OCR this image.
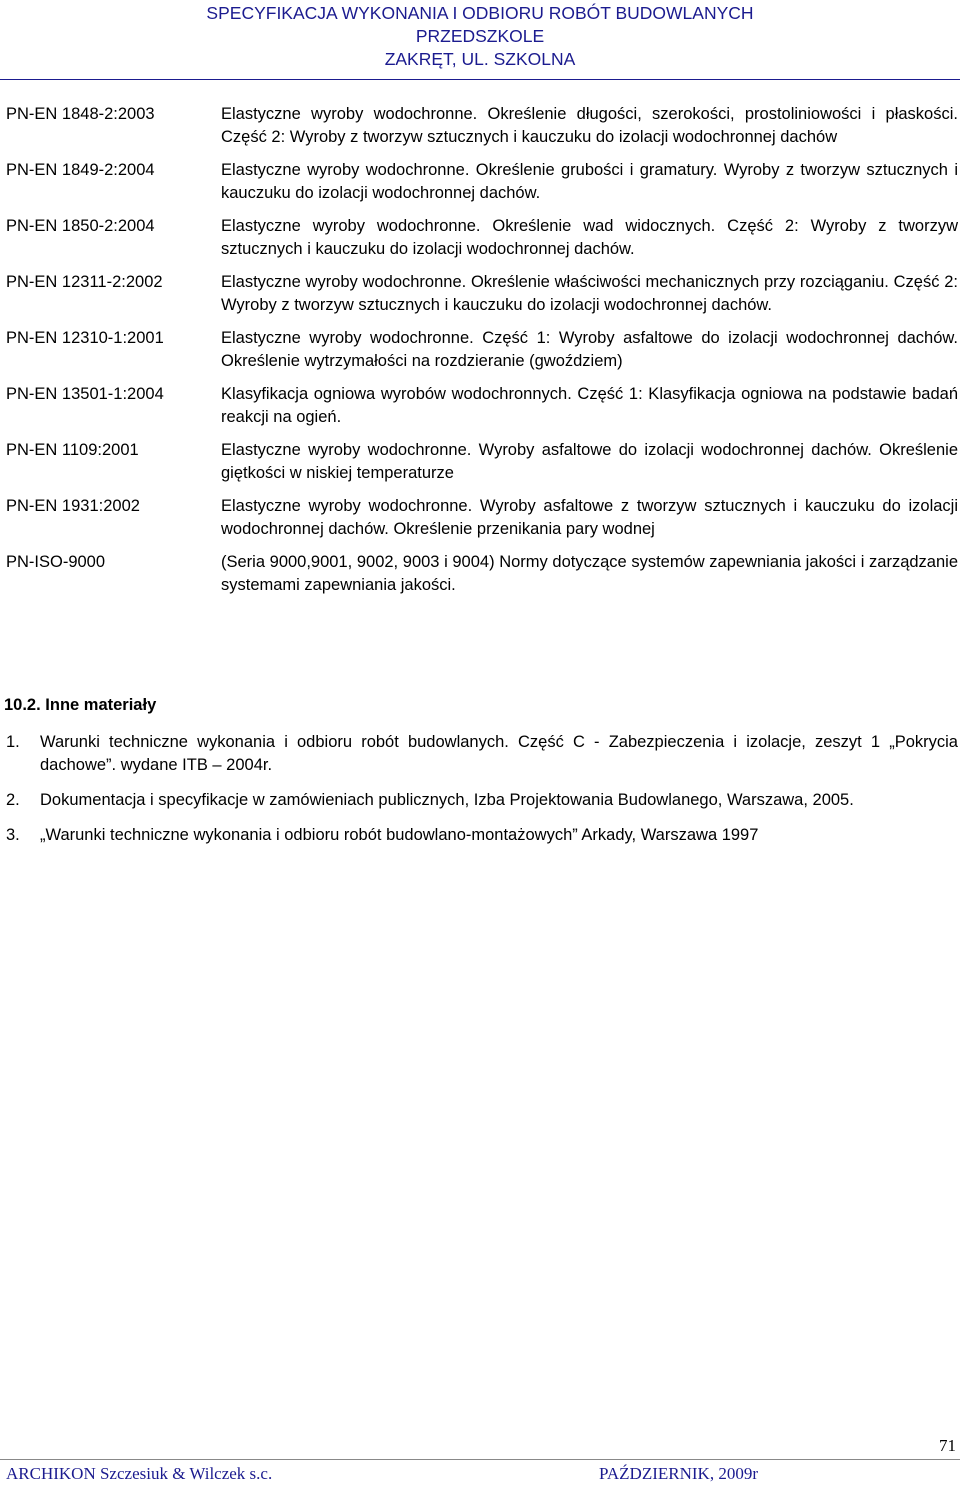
SPECYFIKACJA WYKONANIA I ODBIORU ROBÓT BUDOWLANYCH
PRZEDSZKOLE
ZAKRĘT, UL. SZKOLNA
PN-EN 1848-2:2003	Elastyczne wyroby wodochronne. Określenie długości, szerokości, prostoliniowości i płaskości. Część 2: Wyroby z tworzyw sztucznych i kauczuku do izolacji wodochronnej dachów
PN-EN 1849-2:2004	Elastyczne wyroby wodochronne. Określenie grubości i gramatury. Wyroby z tworzyw sztucznych i kauczuku do izolacji wodochronnej dachów.
PN-EN 1850-2:2004	Elastyczne wyroby wodochronne. Określenie wad widocznych. Część 2: Wyroby z tworzyw sztucznych i kauczuku do izolacji wodochronnej dachów.
PN-EN 12311-2:2002	Elastyczne wyroby wodochronne. Określenie właściwości mechanicznych przy rozciąganiu. Część 2: Wyroby z tworzyw sztucznych i kauczuku do izolacji wodochronnej dachów.
PN-EN 12310-1:2001	Elastyczne wyroby wodochronne. Część 1: Wyroby asfaltowe do izolacji wodochronnej dachów. Określenie wytrzymałości na rozdzieranie (gwoździem)
PN-EN 13501-1:2004	Klasyfikacja ogniowa wyrobów wodochronnych. Część 1: Klasyfikacja ogniowa na podstawie badań reakcji na ogień.
PN-EN 1109:2001	Elastyczne wyroby wodochronne. Wyroby asfaltowe do izolacji wodochronnej dachów. Określenie giętkości w niskiej temperaturze
PN-EN 1931:2002	Elastyczne wyroby wodochronne. Wyroby asfaltowe z tworzyw sztucznych i kauczuku do izolacji wodochronnej dachów. Określenie przenikania pary wodnej
PN-ISO-9000	(Seria 9000,9001, 9002, 9003 i 9004) Normy dotyczące systemów zapewniania jakości i zarządzanie systemami zapewniania jakości.
10.2. Inne materiały
1.	Warunki techniczne wykonania i odbioru robót budowlanych. Część C - Zabezpieczenia i izolacje, zeszyt 1 „Pokrycia dachowe”. wydane ITB – 2004r.
2.	Dokumentacja i specyfikacje w zamówieniach publicznych, Izba Projektowania Budowlanego, Warszawa, 2005.
3.	„Warunki techniczne wykonania i odbioru robót budowlano-montażowych” Arkady, Warszawa 1997
71
ARCHIKON Szczesiuk & Wilczek s.c.	PAŹDZIERNIK, 2009r
